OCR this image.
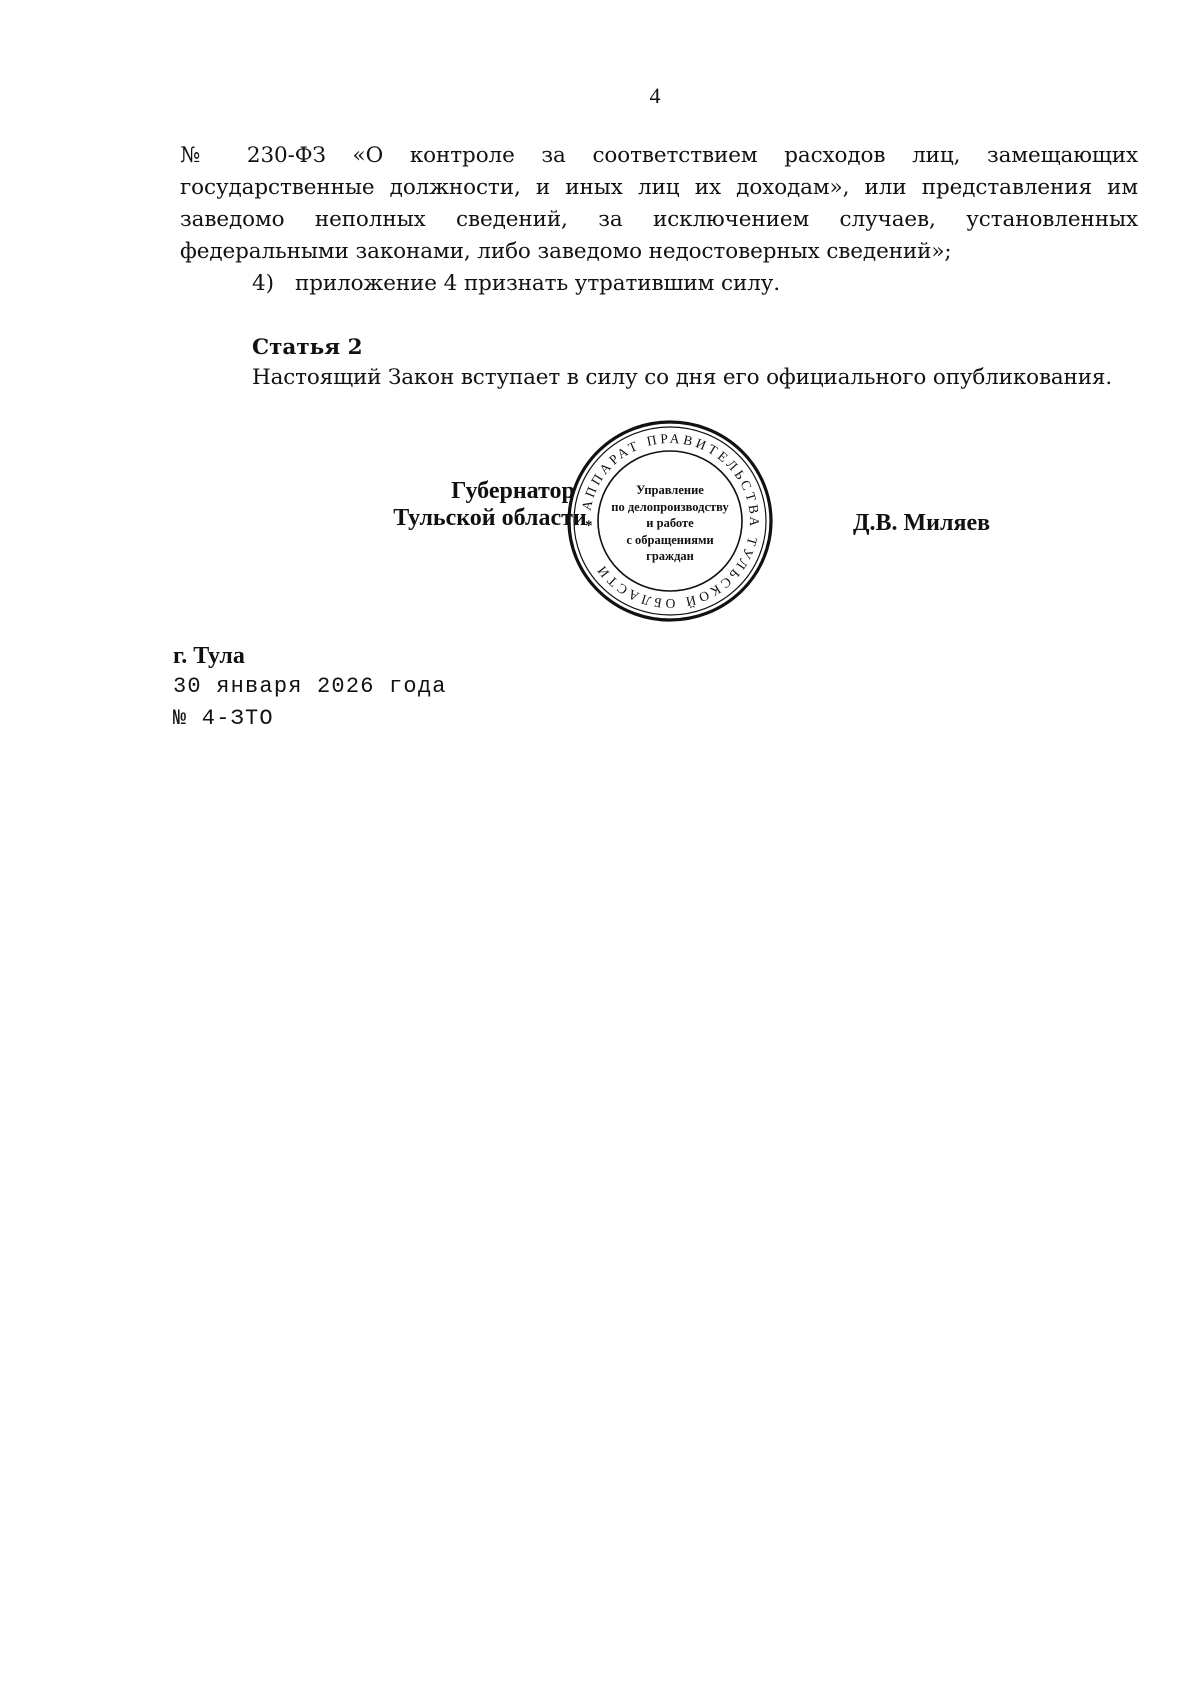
4

№ 230-ФЗ «О контроле за соответствием расходов лиц, замещающих
государственные должности, и иных лиц их доходам», или представления им
заведомо неполных сведений, за исключением случаев, установленных
федеральными законами, либо заведомо недостоверных сведений»;

4) приложение 4 признать утратившим силу.

Статья 2

Настоящий Закон вступает в силу со дня его официального опубликования.

Губернатор
Тульской области
АППАРАТ ПРАВИТЕЛЬСТВА ТУЛЬСКОЙ ОБЛАСТИ
*
Управление
по делопроизводству
и работе
с обращениями
граждан
Д.В. Миляев

г. Тула

30 января 2026 года

№ 4-ЗТО
